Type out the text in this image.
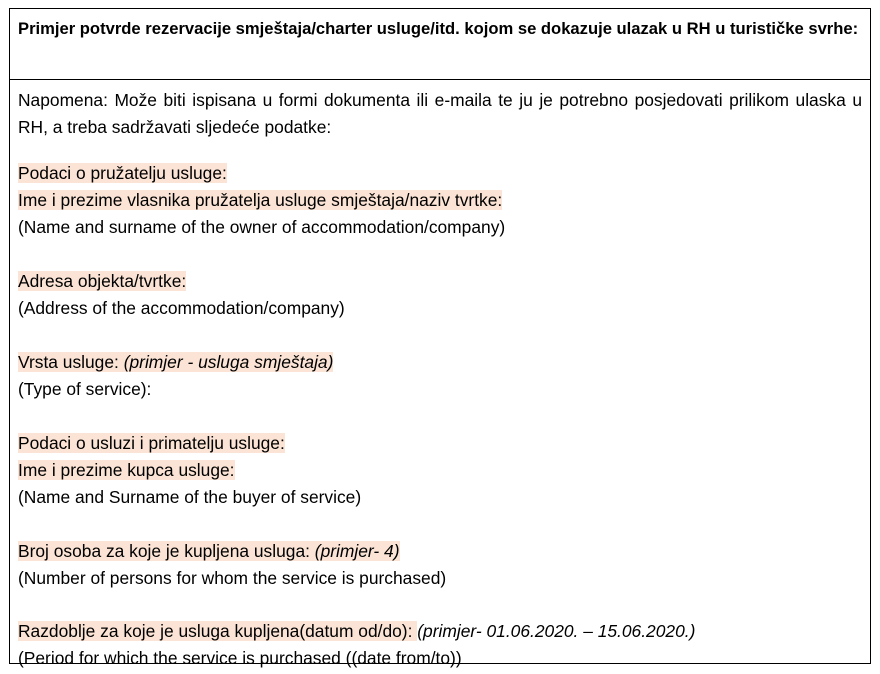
Primjer potvrde rezervacije smještaja/charter usluge/itd. kojom se dokazuje ulazak u RH u turističke svrhe:
Napomena: Može biti ispisana u formi dokumenta ili e-maila te ju je potrebno posjedovati prilikom ulaska u RH, a treba sadržavati sljedeće podatke:
Podaci o pružatelju usluge:
Ime i prezime vlasnika pružatelja usluge smještaja/naziv tvrtke:
(Name and surname of the owner of accommodation/company)
Adresa objekta/tvrtke:
(Address of the accommodation/company)
Vrsta usluge: (primjer - usluga smještaja)
(Type of service):
Podaci o usluzi i primatelju usluge:
Ime i prezime kupca usluge:
(Name and Surname of the buyer of service)
Broj osoba za koje je kupljena usluga: (primjer- 4)
(Number of persons for whom the service is purchased)
Razdoblje za koje je usluga kupljena(datum od/do): (primjer- 01.06.2020. – 15.06.2020.)
(Period for which the service is purchased ((date from/to))
